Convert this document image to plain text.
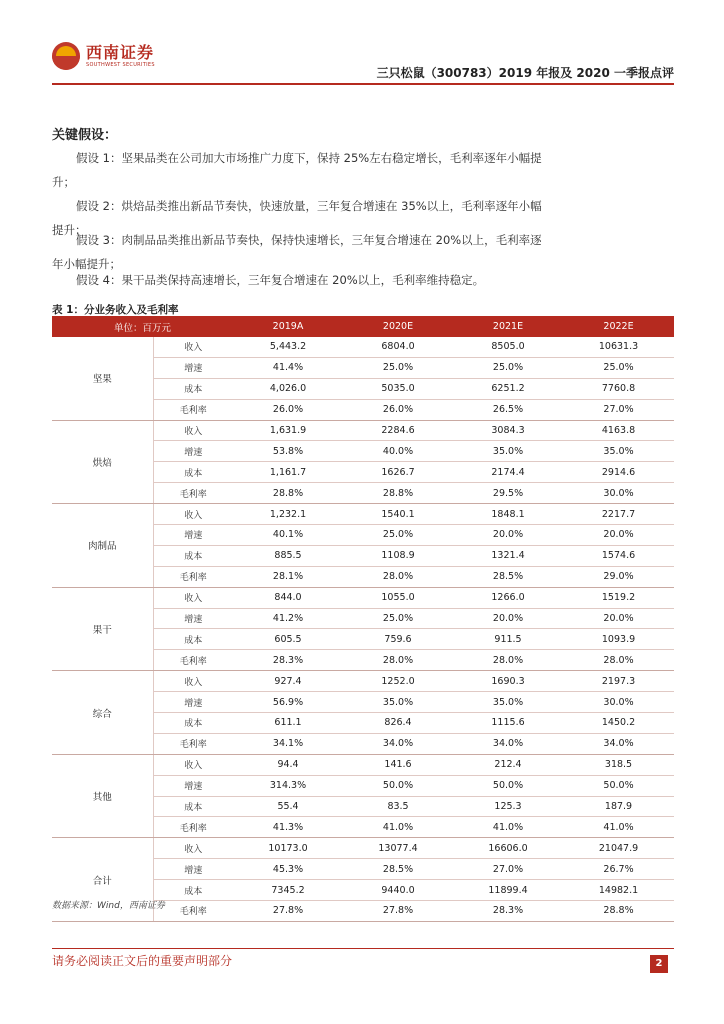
西南证券
SOUTHWEST SECURITIES
三只松鼠（300783）2019 年报及 2020 一季报点评
关键假设：
假设 1：坚果品类在公司加大市场推广力度下，保持 25%左右稳定增长，毛利率逐年小幅提升；
假设 2：烘焙品类推出新品节奏快，快速放量，三年复合增速在 35%以上，毛利率逐年小幅提升；
假设 3：肉制品品类推出新品节奏快，保持快速增长，三年复合增速在 20%以上，毛利率逐年小幅提升；
假设 4：果干品类保持高速增长，三年复合增速在 20%以上，毛利率维持稳定。
表 1：分业务收入及毛利率
单位：百万元		2019A	2020E	2021E	2022E
坚果	收入	5,443.2	6804.0	8505.0	10631.3
	增速	41.4%	25.0%	25.0%	25.0%
	成本	4,026.0	5035.0	6251.2	7760.8
	毛利率	26.0%	26.0%	26.5%	27.0%
烘焙	收入	1,631.9	2284.6	3084.3	4163.8
	增速	53.8%	40.0%	35.0%	35.0%
	成本	1,161.7	1626.7	2174.4	2914.6
	毛利率	28.8%	28.8%	29.5%	30.0%
肉制品	收入	1,232.1	1540.1	1848.1	2217.7
	增速	40.1%	25.0%	20.0%	20.0%
	成本	885.5	1108.9	1321.4	1574.6
	毛利率	28.1%	28.0%	28.5%	29.0%
果干	收入	844.0	1055.0	1266.0	1519.2
	增速	41.2%	25.0%	20.0%	20.0%
	成本	605.5	759.6	911.5	1093.9
	毛利率	28.3%	28.0%	28.0%	28.0%
综合	收入	927.4	1252.0	1690.3	2197.3
	增速	56.9%	35.0%	35.0%	30.0%
	成本	611.1	826.4	1115.6	1450.2
	毛利率	34.1%	34.0%	34.0%	34.0%
其他	收入	94.4	141.6	212.4	318.5
	增速	314.3%	50.0%	50.0%	50.0%
	成本	55.4	83.5	125.3	187.9
	毛利率	41.3%	41.0%	41.0%	41.0%
合计	收入	10173.0	13077.4	16606.0	21047.9
	增速	45.3%	28.5%	27.0%	26.7%
	成本	7345.2	9440.0	11899.4	14982.1
	毛利率	27.8%	27.8%	28.3%	28.8%
数据来源：Wind，西南证券
请务必阅读正文后的重要声明部分	2
